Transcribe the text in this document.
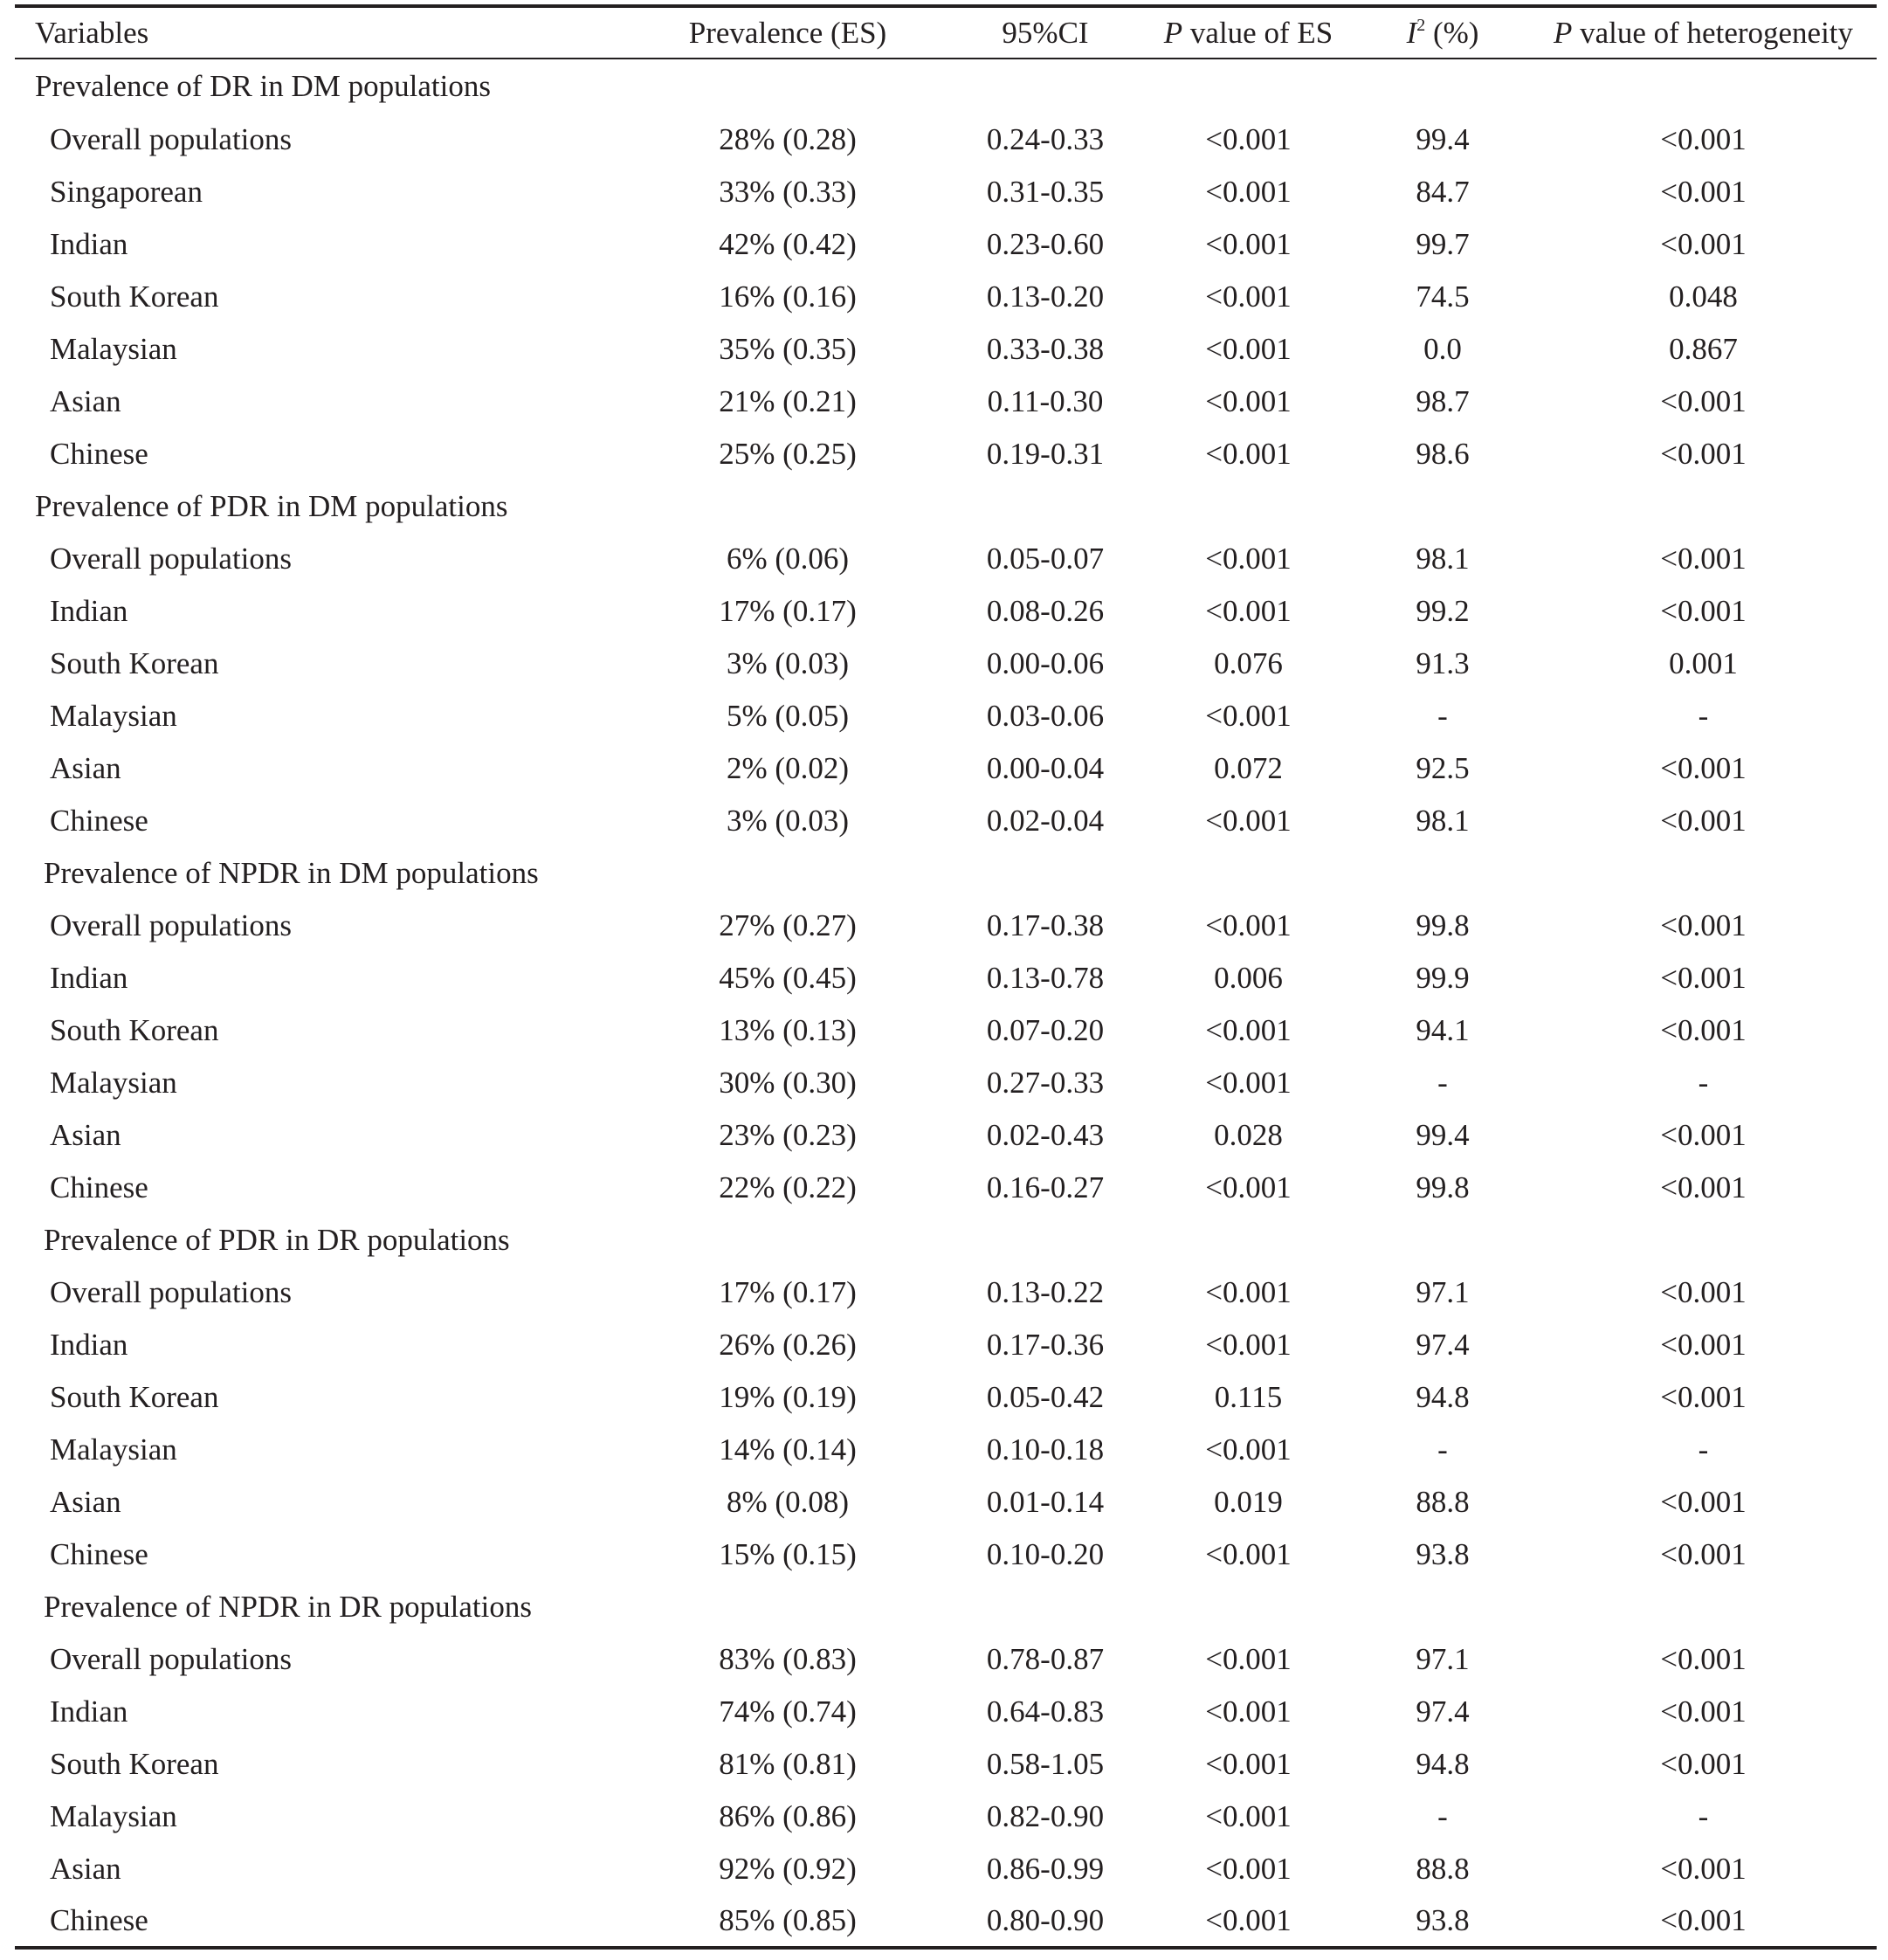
Variables	Prevalence (ES)	95%CI	P value of ES	$I^2$ (%)	P value of heterogeneity
Prevalence of DR in DM populations					
Overall populations	28% (0.28)	0.24-0.33	<0.001	99.4	<0.001
Singaporean	33% (0.33)	0.31-0.35	<0.001	84.7	<0.001
Indian	42% (0.42)	0.23-0.60	<0.001	99.7	<0.001
South Korean	16% (0.16)	0.13-0.20	<0.001	74.5	0.048
Malaysian	35% (0.35)	0.33-0.38	<0.001	0.0	0.867
Asian	21% (0.21)	0.11-0.30	<0.001	98.7	<0.001
Chinese	25% (0.25)	0.19-0.31	<0.001	98.6	<0.001
Prevalence of PDR in DM populations					
Overall populations	6% (0.06)	0.05-0.07	<0.001	98.1	<0.001
Indian	17% (0.17)	0.08-0.26	<0.001	99.2	<0.001
South Korean	3% (0.03)	0.00-0.06	0.076	91.3	0.001
Malaysian	5% (0.05)	0.03-0.06	<0.001	-	-
Asian	2% (0.02)	0.00-0.04	0.072	92.5	<0.001
Chinese	3% (0.03)	0.02-0.04	<0.001	98.1	<0.001
Prevalence of NPDR in DM populations					
Overall populations	27% (0.27)	0.17-0.38	<0.001	99.8	<0.001
Indian	45% (0.45)	0.13-0.78	0.006	99.9	<0.001
South Korean	13% (0.13)	0.07-0.20	<0.001	94.1	<0.001
Malaysian	30% (0.30)	0.27-0.33	<0.001	-	-
Asian	23% (0.23)	0.02-0.43	0.028	99.4	<0.001
Chinese	22% (0.22)	0.16-0.27	<0.001	99.8	<0.001
Prevalence of PDR in DR populations					
Overall populations	17% (0.17)	0.13-0.22	<0.001	97.1	<0.001
Indian	26% (0.26)	0.17-0.36	<0.001	97.4	<0.001
South Korean	19% (0.19)	0.05-0.42	0.115	94.8	<0.001
Malaysian	14% (0.14)	0.10-0.18	<0.001	-	-
Asian	8% (0.08)	0.01-0.14	0.019	88.8	<0.001
Chinese	15% (0.15)	0.10-0.20	<0.001	93.8	<0.001
Prevalence of NPDR in DR populations					
Overall populations	83% (0.83)	0.78-0.87	<0.001	97.1	<0.001
Indian	74% (0.74)	0.64-0.83	<0.001	97.4	<0.001
South Korean	81% (0.81)	0.58-1.05	<0.001	94.8	<0.001
Malaysian	86% (0.86)	0.82-0.90	<0.001	-	-
Asian	92% (0.92)	0.86-0.99	<0.001	88.8	<0.001
Chinese	85% (0.85)	0.80-0.90	<0.001	93.8	<0.001
